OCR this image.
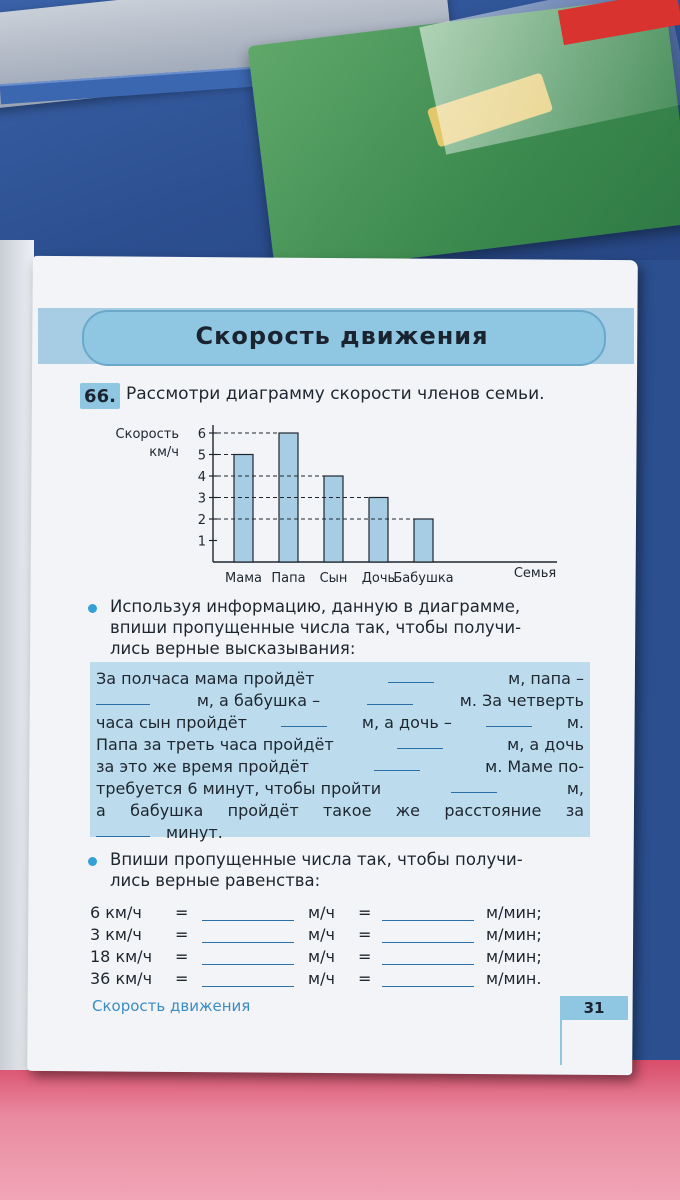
Скорость движения
66. Рассмотри диаграмму скорости членов семьи.
Скорость
км/ч
Семья
1
2
3
4
5
6
Мама Папа Сын Дочь
Бабушка
Используя информацию, данную в диаграмме,
впиши пропущенные числа так, чтобы получи-
лись верные высказывания:
За полчаса мама пройдёт	м, папа –
м, а бабушка –	м. За четверть
часа сын пройдёт	м, а дочь –	м.
Папа за треть часа пройдёт	м, а дочь
за это же время пройдёт	м. Маме по-
требуется 6 минут, чтобы пройти	м,
а бабушка пройдёт такое же расстояние за
минут.
Впиши пропущенные числа так, чтобы получи-
лись верные равенства:
6 км/ч =	м/ч =	м/мин;
3 км/ч =	м/ч =	м/мин;
18 км/ч =	м/ч =	м/мин;
36 км/ч =	м/ч =	м/мин.
Скорость движения	31
